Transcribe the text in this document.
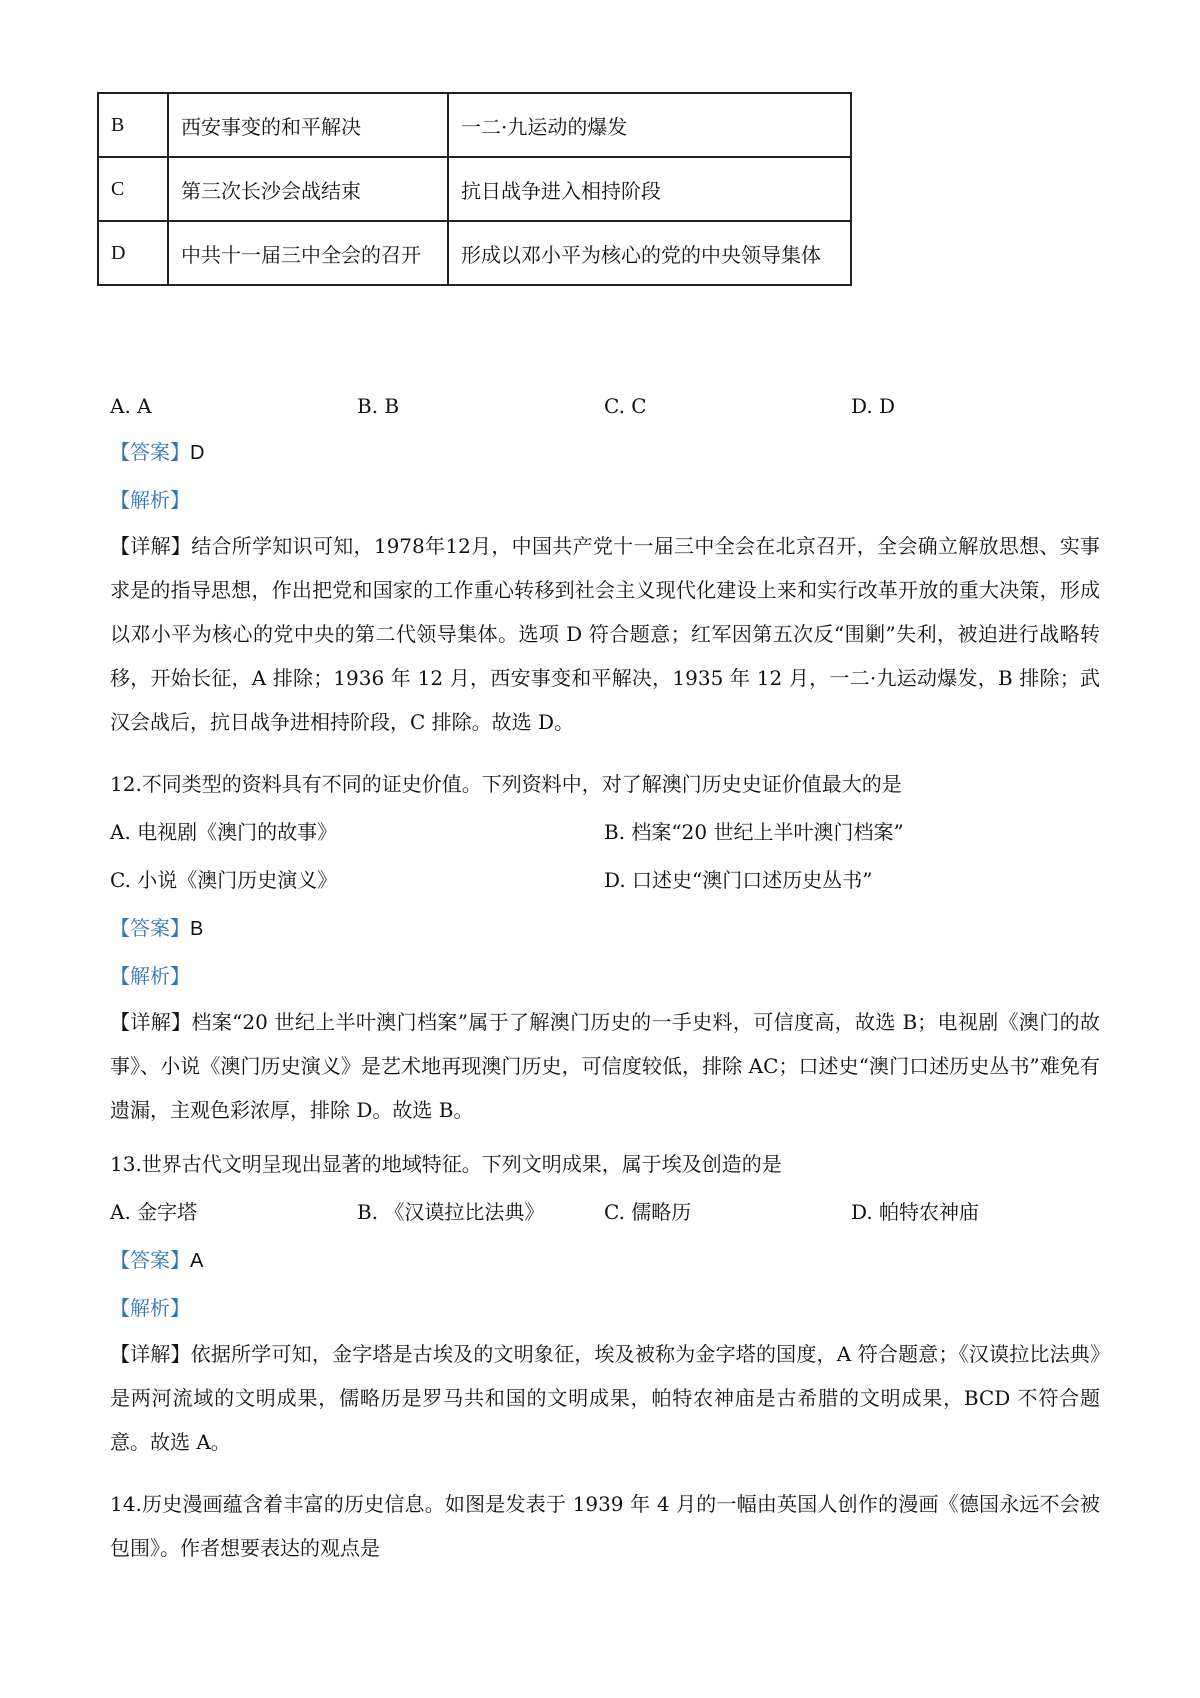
B	西安事变的和平解决	一二·九运动的爆发
C	第三次长沙会战结束	抗日战争进入相持阶段
D	中共十一届三中全会的召开	形成以邓小平为核心的党的中央领导集体
A. A	B. B	C. C	D. D
【答案】D
【解析】
【详解】结合所学知识可知，1978年12月，中国共产党十一届三中全会在北京召开，全会确立解放思想、实事求是的指导思想，作出把党和国家的工作重心转移到社会主义现代化建设上来和实行改革开放的重大决策，形成以邓小平为核心的党中央的第二代领导集体。选项 D 符合题意；红军因第五次反“围剿”失利，被迫进行战略转移，开始长征，A 排除；1936 年 12 月，西安事变和平解决，1935 年 12 月，一二·九运动爆发，B 排除；武汉会战后，抗日战争进相持阶段，C 排除。故选 D。
12.不同类型的资料具有不同的证史价值。下列资料中，对了解澳门历史史证价值最大的是
A. 电视剧《澳门的故事》	B. 档案“20 世纪上半叶澳门档案”
C. 小说《澳门历史演义》	D. 口述史“澳门口述历史丛书”
【答案】B
【解析】
【详解】档案“20 世纪上半叶澳门档案”属于了解澳门历史的一手史料，可信度高，故选 B；电视剧《澳门的故事》、小说《澳门历史演义》是艺术地再现澳门历史，可信度较低，排除 AC；口述史“澳门口述历史丛书”难免有遗漏，主观色彩浓厚，排除 D。故选 B。
13.世界古代文明呈现出显著的地域特征。下列文明成果，属于埃及创造的是
A. 金字塔	B. 《汉谟拉比法典》	C. 儒略历	D. 帕特农神庙
【答案】A
【解析】
【详解】依据所学可知，金字塔是古埃及的文明象征，埃及被称为金字塔的国度，A 符合题意；《汉谟拉比法典》是两河流域的文明成果，儒略历是罗马共和国的文明成果，帕特农神庙是古希腊的文明成果，BCD 不符合题意。故选 A。
14.历史漫画蕴含着丰富的历史信息。如图是发表于 1939 年 4 月的一幅由英国人创作的漫画《德国永远不会被包围》。作者想要表达的观点是
